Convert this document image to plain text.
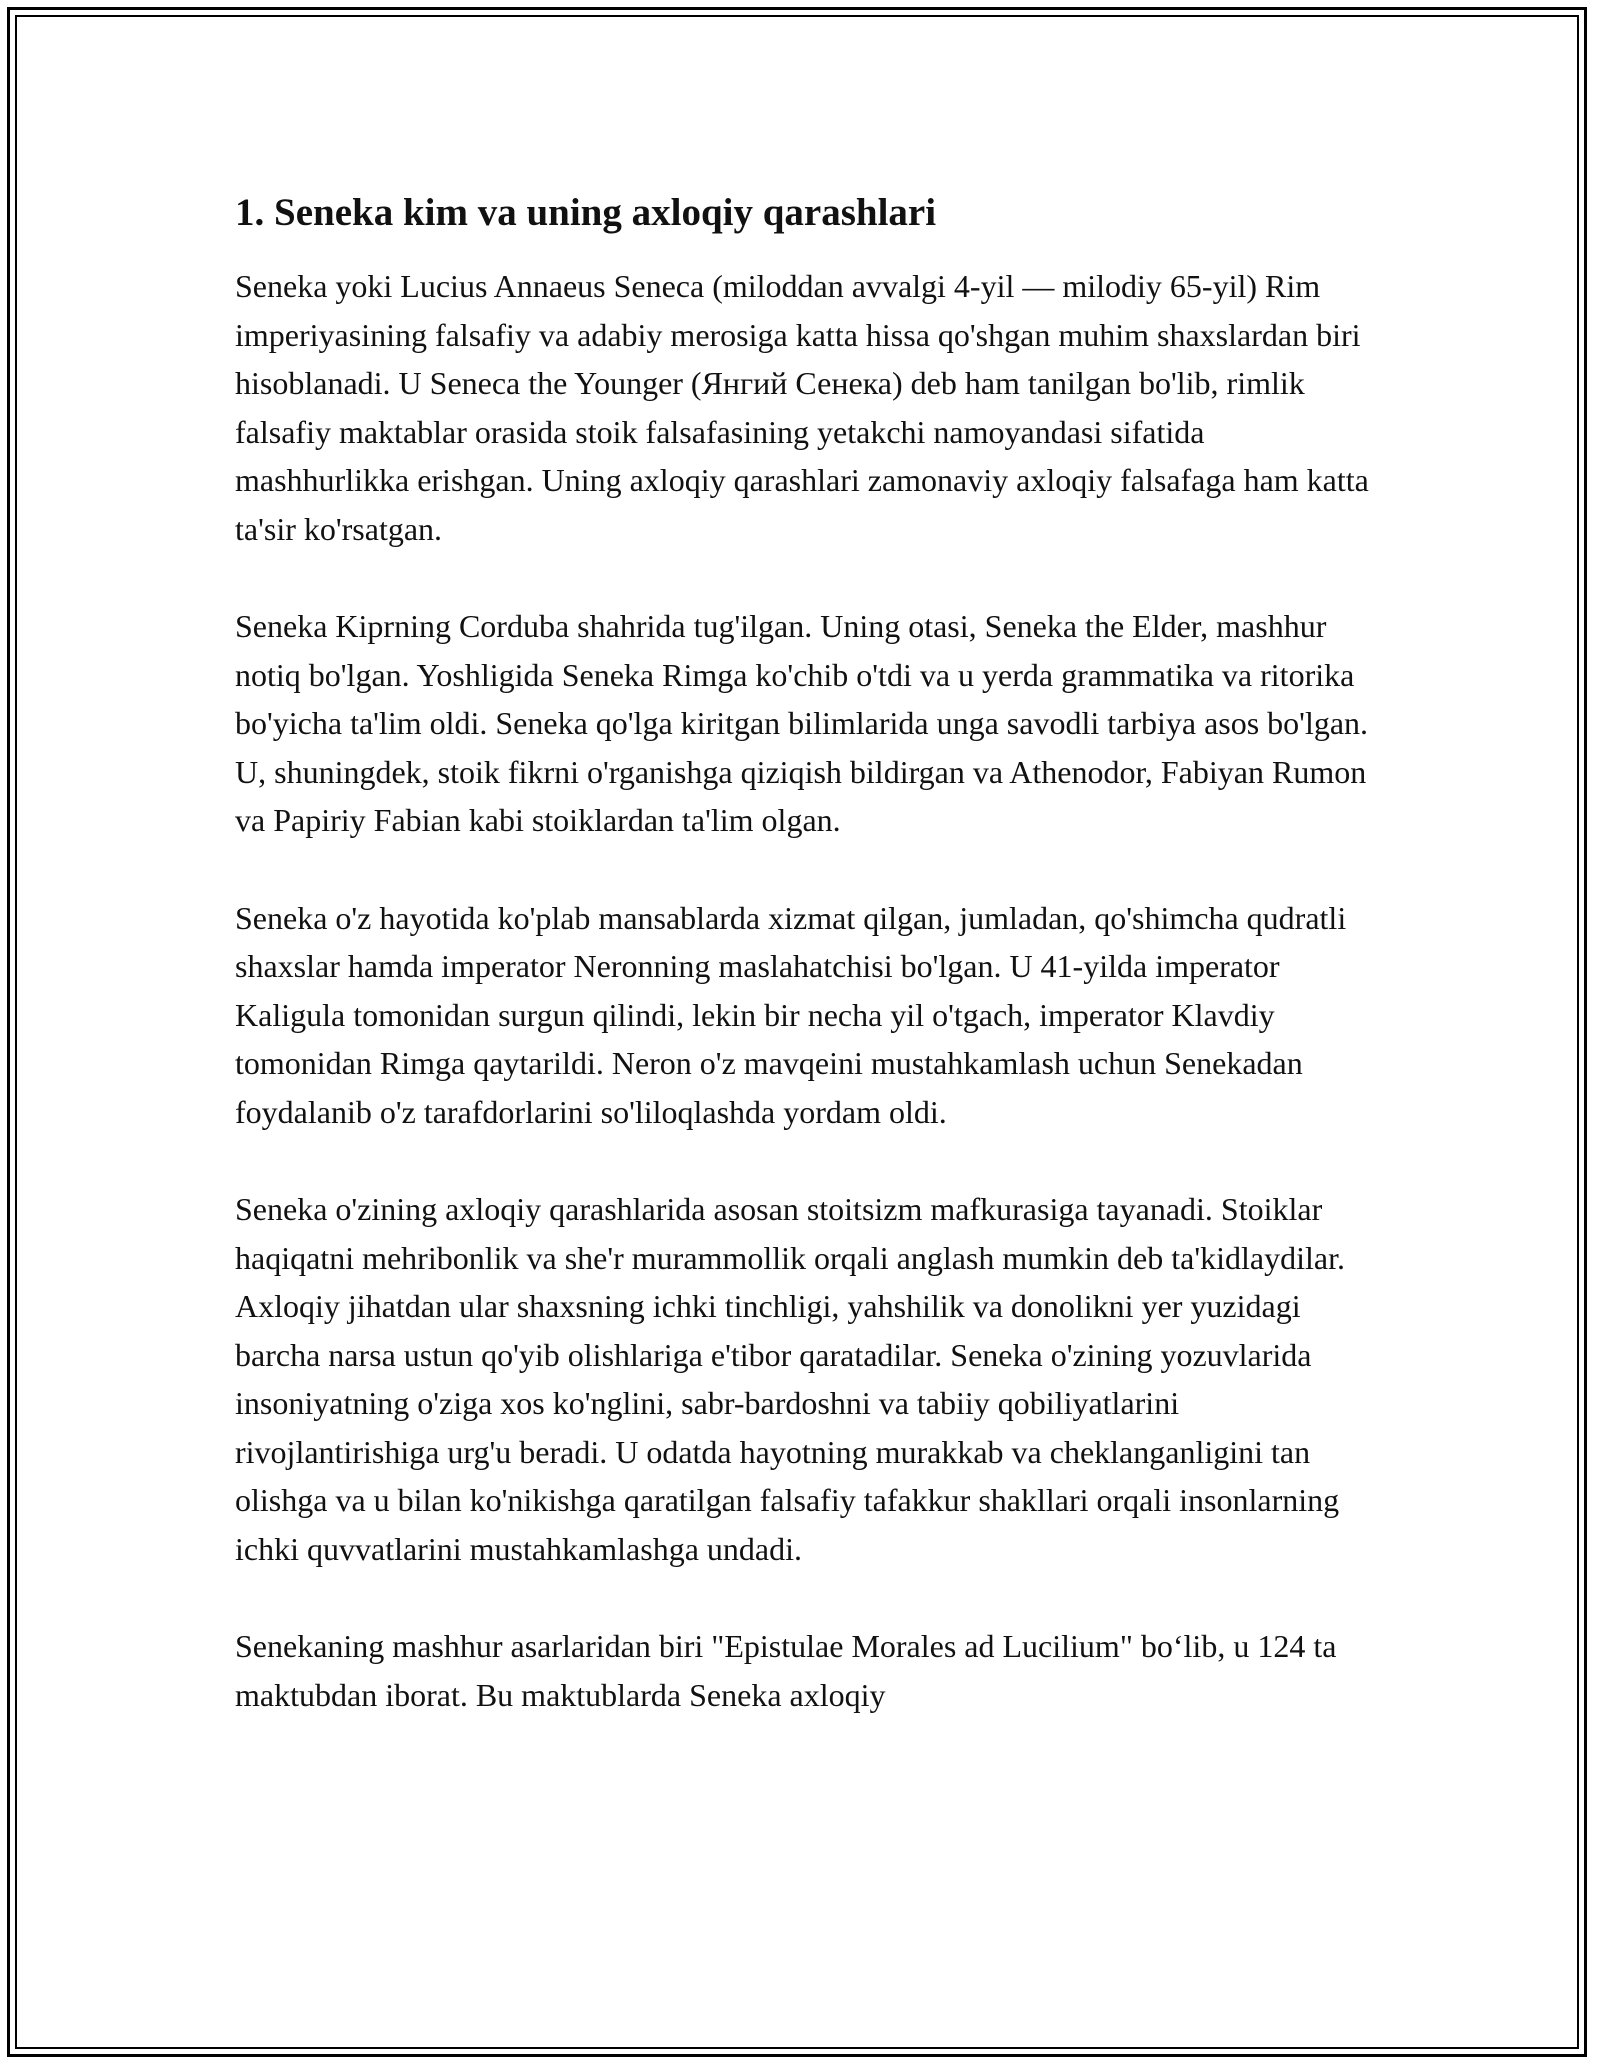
1. Seneka kim va uning axloqiy qarashlari

Seneka yoki Lucius Annaeus Seneca (miloddan avvalgi 4-yil — milodiy 65-yil) Rim imperiyasining falsafiy va adabiy merosiga katta hissa qo'shgan muhim shaxslardan biri hisoblanadi. U Seneca the Younger (Янгий Сенека) deb ham tanilgan bo'lib, rimlik falsafiy maktablar orasida stoik falsafasining yetakchi namoyandasi sifatida mashhurlikka erishgan. Uning axloqiy qarashlari zamonaviy axloqiy falsafaga ham katta ta'sir ko'rsatgan.

Seneka Kiprning Corduba shahrida tug'ilgan. Uning otasi, Seneka the Elder, mashhur notiq bo'lgan. Yoshligida Seneka Rimga ko'chib o'tdi va u yerda grammatika va ritorika bo'yicha ta'lim oldi. Seneka qo'lga kiritgan bilimlarida unga savodli tarbiya asos bo'lgan. U, shuningdek, stoik fikrni o'rganishga qiziqish bildirgan va Athenodor, Fabiyan Rumon va Papiriy Fabian kabi stoiklardan ta'lim olgan.

Seneka o'z hayotida ko'plab mansablarda xizmat qilgan, jumladan, qo'shimcha qudratli shaxslar hamda imperator Neronning maslahatchisi bo'lgan. U 41-yilda imperator Kaligula tomonidan surgun qilindi, lekin bir necha yil o'tgach, imperator Klavdiy tomonidan Rimga qaytarildi. Neron o'z mavqeini mustahkamlash uchun Senekadan foydalanib o'z tarafdorlarini so'liloqlashda yordam oldi.

Seneka o'zining axloqiy qarashlarida asosan stoitsizm mafkurasiga tayanadi. Stoiklar haqiqatni mehribonlik va she'r murammollik orqali anglash mumkin deb ta'kidlaydilar. Axloqiy jihatdan ular shaxsning ichki tinchligi, yahshilik va donolikni yer yuzidagi barcha narsa ustun qo'yib olishlariga e'tibor qaratadilar. Seneka o'zining yozuvlarida insoniyatning o'ziga xos ko'nglini, sabr-bardoshni va tabiiy qobiliyatlarini rivojlantirishiga urg'u beradi. U odatda hayotning murakkab va cheklanganligini tan olishga va u bilan ko'nikishga qaratilgan falsafiy tafakkur shakllari orqali insonlarning ichki quvvatlarini mustahkamlashga undadi.

Senekaning mashhur asarlaridan biri "Epistulae Morales ad Lucilium" bo‘lib, u 124 ta maktubdan iborat. Bu maktublarda Seneka axloqiy
